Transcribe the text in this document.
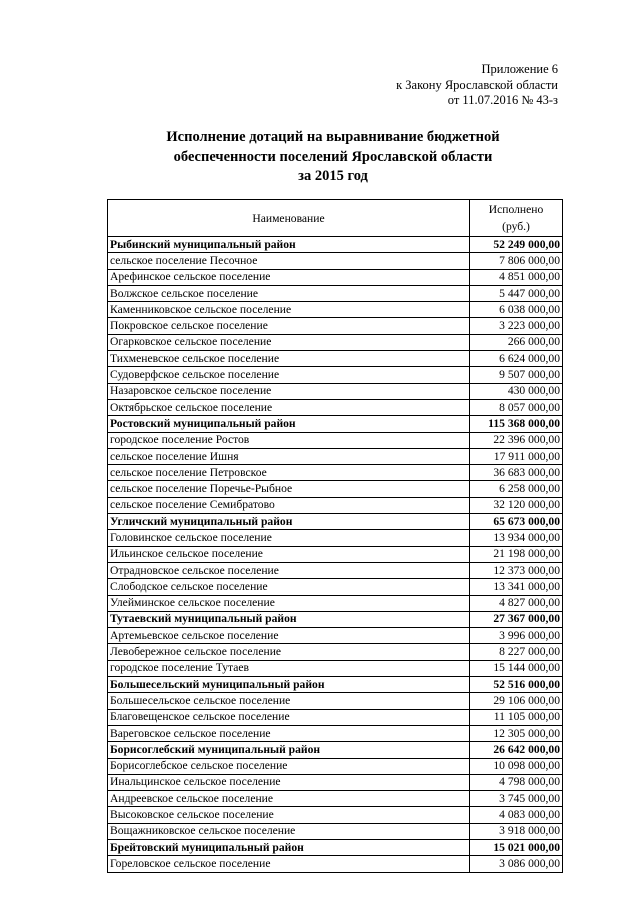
Приложение 6
к Закону Ярославской области
от 11.07.2016 № 43-з
Исполнение дотаций на выравнивание бюджетной
обеспеченности поселений Ярославской области
за 2015 год
Наименование	Исполнено
(руб.)

Рыбинский муниципальный район	52 249 000,00
сельское поселение Песочное	7 806 000,00
Арефинское сельское поселение	4 851 000,00
Волжское сельское поселение	5 447 000,00
Каменниковское сельское поселение	6 038 000,00
Покровское сельское поселение	3 223 000,00
Огарковское сельское поселение	266 000,00
Тихменевское сельское поселение	6 624 000,00
Судоверфское сельское поселение	9 507 000,00
Назаровское сельское поселение	430 000,00
Октябрьское сельское поселение	8 057 000,00
Ростовский муниципальный район	115 368 000,00
городское поселение Ростов	22 396 000,00
сельское поселение Ишня	17 911 000,00
сельское поселение Петровское	36 683 000,00
сельское поселение Поречье-Рыбное	6 258 000,00
сельское поселение Семибратово	32 120 000,00
Угличский муниципальный район	65 673 000,00
Головинское сельское поселение	13 934 000,00
Ильинское сельское поселение	21 198 000,00
Отрадновское сельское поселение	12 373 000,00
Слободское сельское поселение	13 341 000,00
Улейминское сельское поселение	4 827 000,00
Тутаевский муниципальный район	27 367 000,00
Артемьевское сельское поселение	3 996 000,00
Левобережное сельское поселение	8 227 000,00
городское поселение Тутаев	15 144 000,00
Большесельский муниципальный район	52 516 000,00
Большесельское сельское поселение	29 106 000,00
Благовещенское сельское поселение	11 105 000,00
Вареговское сельское поселение	12 305 000,00
Борисоглебский муниципальный район	26 642 000,00
Борисоглебское сельское поселение	10 098 000,00
Инальцинское сельское поселение	4 798 000,00
Андреевское сельское поселение	3 745 000,00
Высоковское сельское поселение	4 083 000,00
Вощажниковское сельское поселение	3 918 000,00
Брейтовский муниципальный район	15 021 000,00
Гореловское сельское поселение	3 086 000,00
